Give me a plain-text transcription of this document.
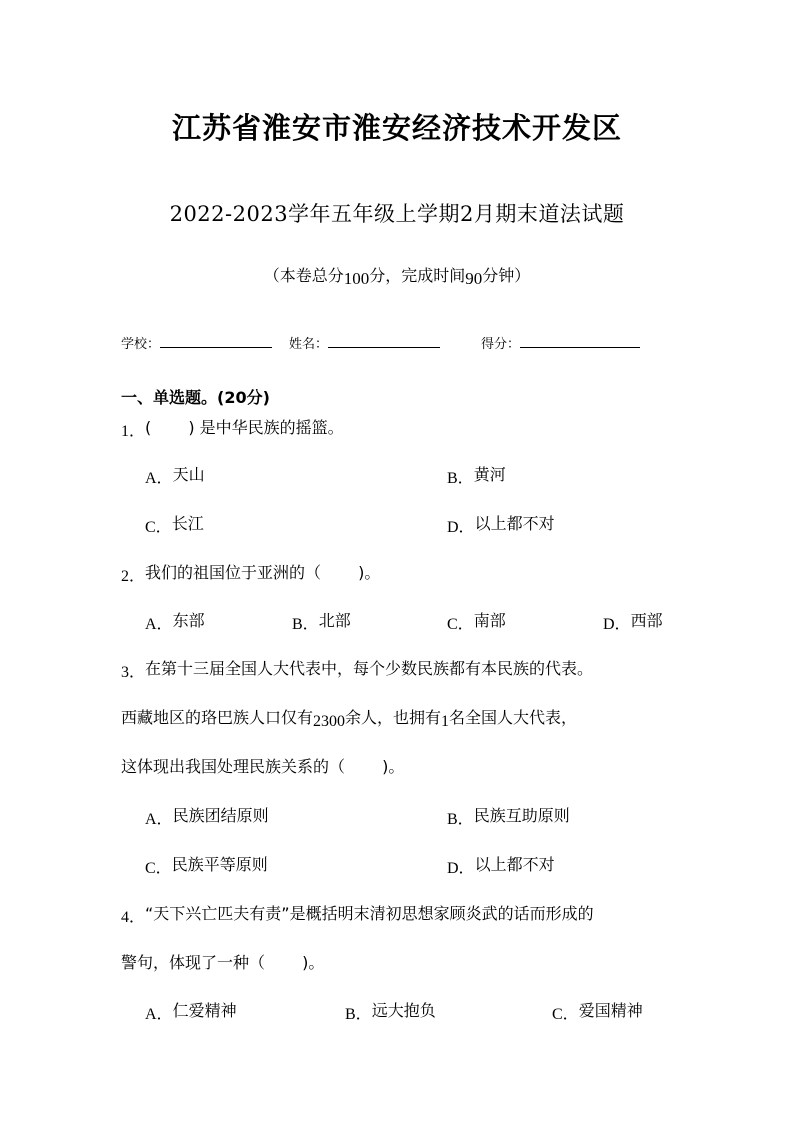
江苏省淮安市淮安经济技术开发区
2022-2023学年五年级上学期2月期末道法试题
（本卷总分100分，完成时间90分钟）
学校：	姓名：	得分：
一、单选题。(20分)
1．(　　 ) 是中华民族的摇篮。
A．天山	B．黄河
C．长江	D．以上都不对
2．我们的祖国位于亚洲的（　　 )。
A．东部	B．北部	C．南部	D．西部
3．在第十三届全国人大代表中，每个少数民族都有本民族的代表。
西藏地区的珞巴族人口仅有2300余人，也拥有1名全国人大代表，
这体现出我国处理民族关系的（　　 )。
A．民族团结原则	B．民族互助原则
C．民族平等原则	D．以上都不对
4．“天下兴亡匹夫有责”是概括明末清初思想家顾炎武的话而形成的
警句，体现了一种（　　 )。
A．仁爱精神	B．远大抱负	C．爱国精神
